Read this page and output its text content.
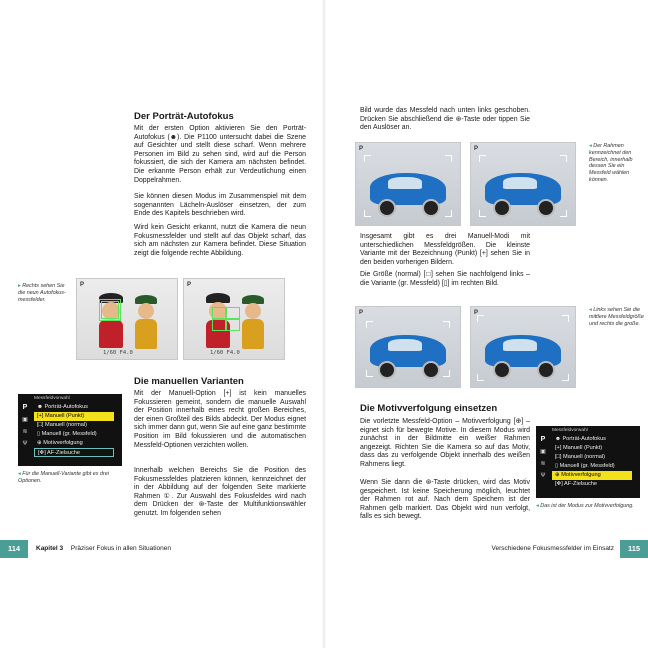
Der Porträt-Autofokus

Mit der ersten Option aktivieren Sie den Porträt-Autofokus (☻). Die P1100 untersucht dabei die Szene auf Gesichter und stellt diese scharf. Wenn mehrere Personen im Bild zu sehen sind, wird auf die Person fokussiert, die sich der Kamera am nächsten befindet. Die erkannte Person erhält zur Verdeutlichung einen Doppelrahmen.

Sie können diesen Modus im Zusammenspiel mit dem sogenannten Lächeln-Auslöser einsetzen, der zum Ende des Kapitels beschrieben wird.

Wird kein Gesicht erkannt, nutzt die Kamera die neun Fokusmessfelder und stellt auf das Objekt scharf, das sich am nächsten zur Kamera befindet. Diese Situation zeigt die folgende rechte Abbildung.

▸ Rechts sehen Sie die neun Autofokus-messfelder.
P
1/60 F4.0
P
1/60 F4.0
Die manuellen Varianten

Mit der Manuell-Option [+] ist kein manuelles Fokussieren gemeint, sondern die manuelle Auswahl der Position innerhalb eines recht großen Bereiches, der einen Großteil des Bilds abdeckt. Der Modus eignet sich immer dann gut, wenn Sie auf eine ganz bestimmte Position im Bild fokussieren und die automatischen Messfeld-Optionen verzichten wollen.

Innerhalb welchen Bereichs Sie die Position des Fokusmessfeldes platzieren können, kennzeichnet der in der Abbildung auf der folgenden Seite markierte Rahmen ①. Zur Auswahl des Fokusfeldes wird nach dem Drücken der ⊛-Taste der Multifunktionswähler genutzt. Im folgenden sehen

Messfeldvorwahl
P
▣
≋
Ψ
☻ Porträt-Autofokus
[+] Manuell (Punkt)
[□] Manuell (normal)
▯ Manuell (gr. Messfeld)
⊕ Motivverfolgung
[✥] AF-Zielsuche
◂ Für die Manuell-Variante gibt es drei Optionen.
114	Kapitel 3 Präziser Fokus in allen Situationen

Bild wurde das Messfeld nach unten links geschoben. Drücken Sie abschließend die ⊛-Taste oder tippen Sie den Auslöser an.

P	P	◂ Der Rahmen kennzeichnet den Bereich, innerhalb dessen Sie ein Messfeld wählen können.

Insgesamt gibt es drei Manuell-Modi mit unterschiedlichen Messfeldgrößen. Die kleinste Variante mit der Bezeichnung (Punkt) [+] sehen Sie in den beiden vorherigen Bildern.

Die Größe (normal) [□] sehen Sie nachfolgend links – die Variante (gr. Messfeld) [▯] im rechten Bild.

P	P	◂ Links sehen Sie die mittlere Messfeldgröße und rechts die große.
Die Motivverfolgung einsetzen

Die vorletzte Messfeld-Option – Motivverfolgung [⊕] – eignet sich für bewegte Motive. In diesem Modus wird zunächst in der Bildmitte ein weißer Rahmen angezeigt. Richten Sie die Kamera so auf das Motiv, dass das zu verfolgende Objekt innerhalb des weißen Rahmens liegt.

Wenn Sie dann die ⊛-Taste drücken, wird das Motiv gespeichert. Ist keine Speicherung möglich, leuchtet der Rahmen rot auf. Nach dem Speichern ist der Rahmen gelb markiert. Das Objekt wird nun verfolgt, falls es sich bewegt.

Messfeldvorwahl
P
▣
≋
Ψ
☻ Porträt-Autofokus
[+] Manuell (Punkt)
[□] Manuell (normal)
▯ Manuell (gr. Messfeld)
⊕ Motivverfolgung
[✥] AF-Zielsuche
◂ Das ist der Modus zur Motivverfolgung.
Verschiedene Fokusmessfelder im Einsatz	115
